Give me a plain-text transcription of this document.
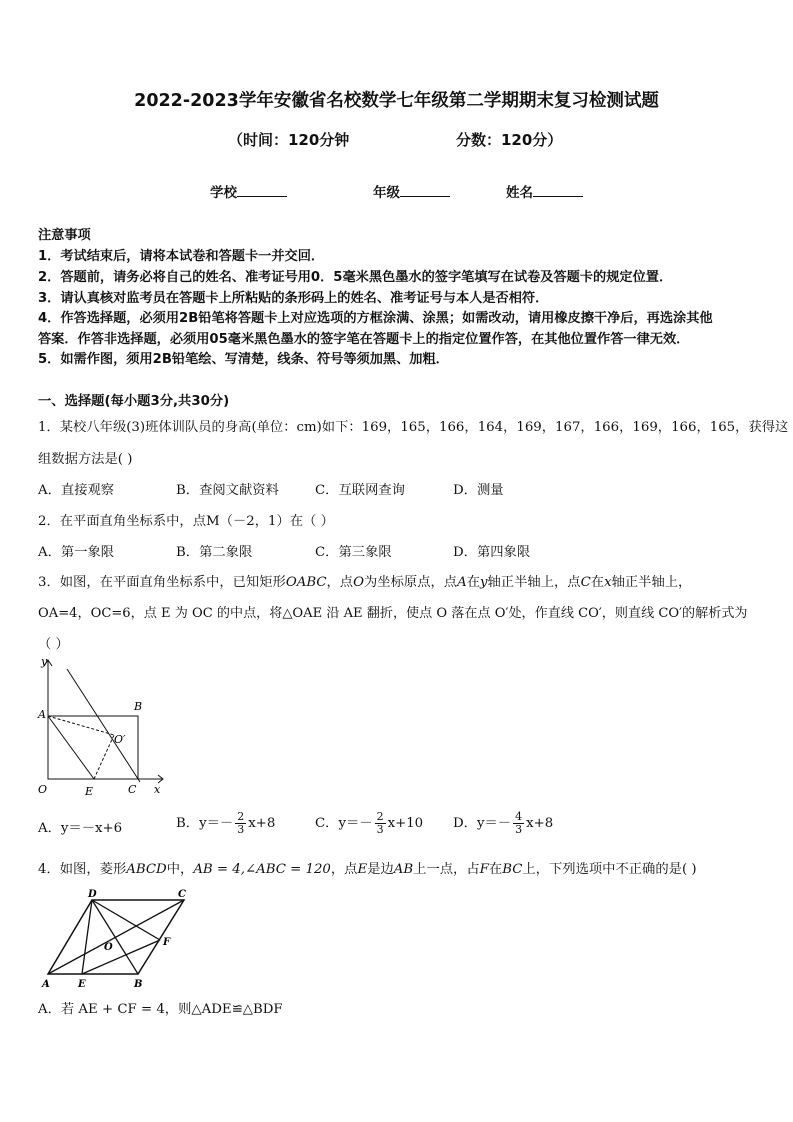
2022-2023学年安徽省名校数学七年级第二学期期末复习检测试题
（时间：120分钟	分数：120分）
学校	年级	姓名
注意事项
1．考试结束后，请将本试卷和答题卡一并交回．
2．答题前，请务必将自己的姓名、准考证号用0．5毫米黑色墨水的签字笔填写在试卷及答题卡的规定位置．
3．请认真核对监考员在答题卡上所粘贴的条形码上的姓名、准考证号与本人是否相符．
4．作答选择题，必须用2B铅笔将答题卡上对应选项的方框涂满、涂黑；如需改动，请用橡皮擦干净后，再选涂其他
答案．作答非选择题，必须用05毫米黑色墨水的签字笔在答题卡上的指定位置作答，在其他位置作答一律无效．
5．如需作图，须用2B铅笔绘、写清楚，线条、符号等须加黑、加粗．
一、选择题(每小题3分,共30分)
1．某校八年级(3)班体训队员的身高(单位：cm)如下：169，165，166，164，169，167，166，169，166，165，获得这
组数据方法是( )
A．直接观察	B．查阅文献资料	C．互联网查询	D．测量
2．在平面直角坐标系中，点M（－2，1）在（ ）
A．第一象限	B．第二象限	C．第三象限	D．第四象限
3．如图，在平面直角坐标系中，已知矩形OABC，点O为坐标原点，点A在y轴正半轴上，点C在x轴正半轴上，
OA=4，OC=6，点 E 为 OC 的中点，将△OAE 沿 AE 翻折，使点 O 落在点 O′处，作直线 CO′，则直线 CO′的解析式为
（ ）
y
A
B
O′
O	E	C x
A．y＝－x+6	B．$y=- \frac{2}{3} x+8$	C．$y=- \frac{2}{3} x+10$ D．$y=- \frac{4}{3} x+8$
4．如图，菱形ABCD中，AB = 4,∠ABC = 120，点E是边AB上一点，占F在BC上，下列选项中不正确的是( )
D	C
O	F
A	E	B
A．若 AE + CF = 4，则△ADE≌△BDF
